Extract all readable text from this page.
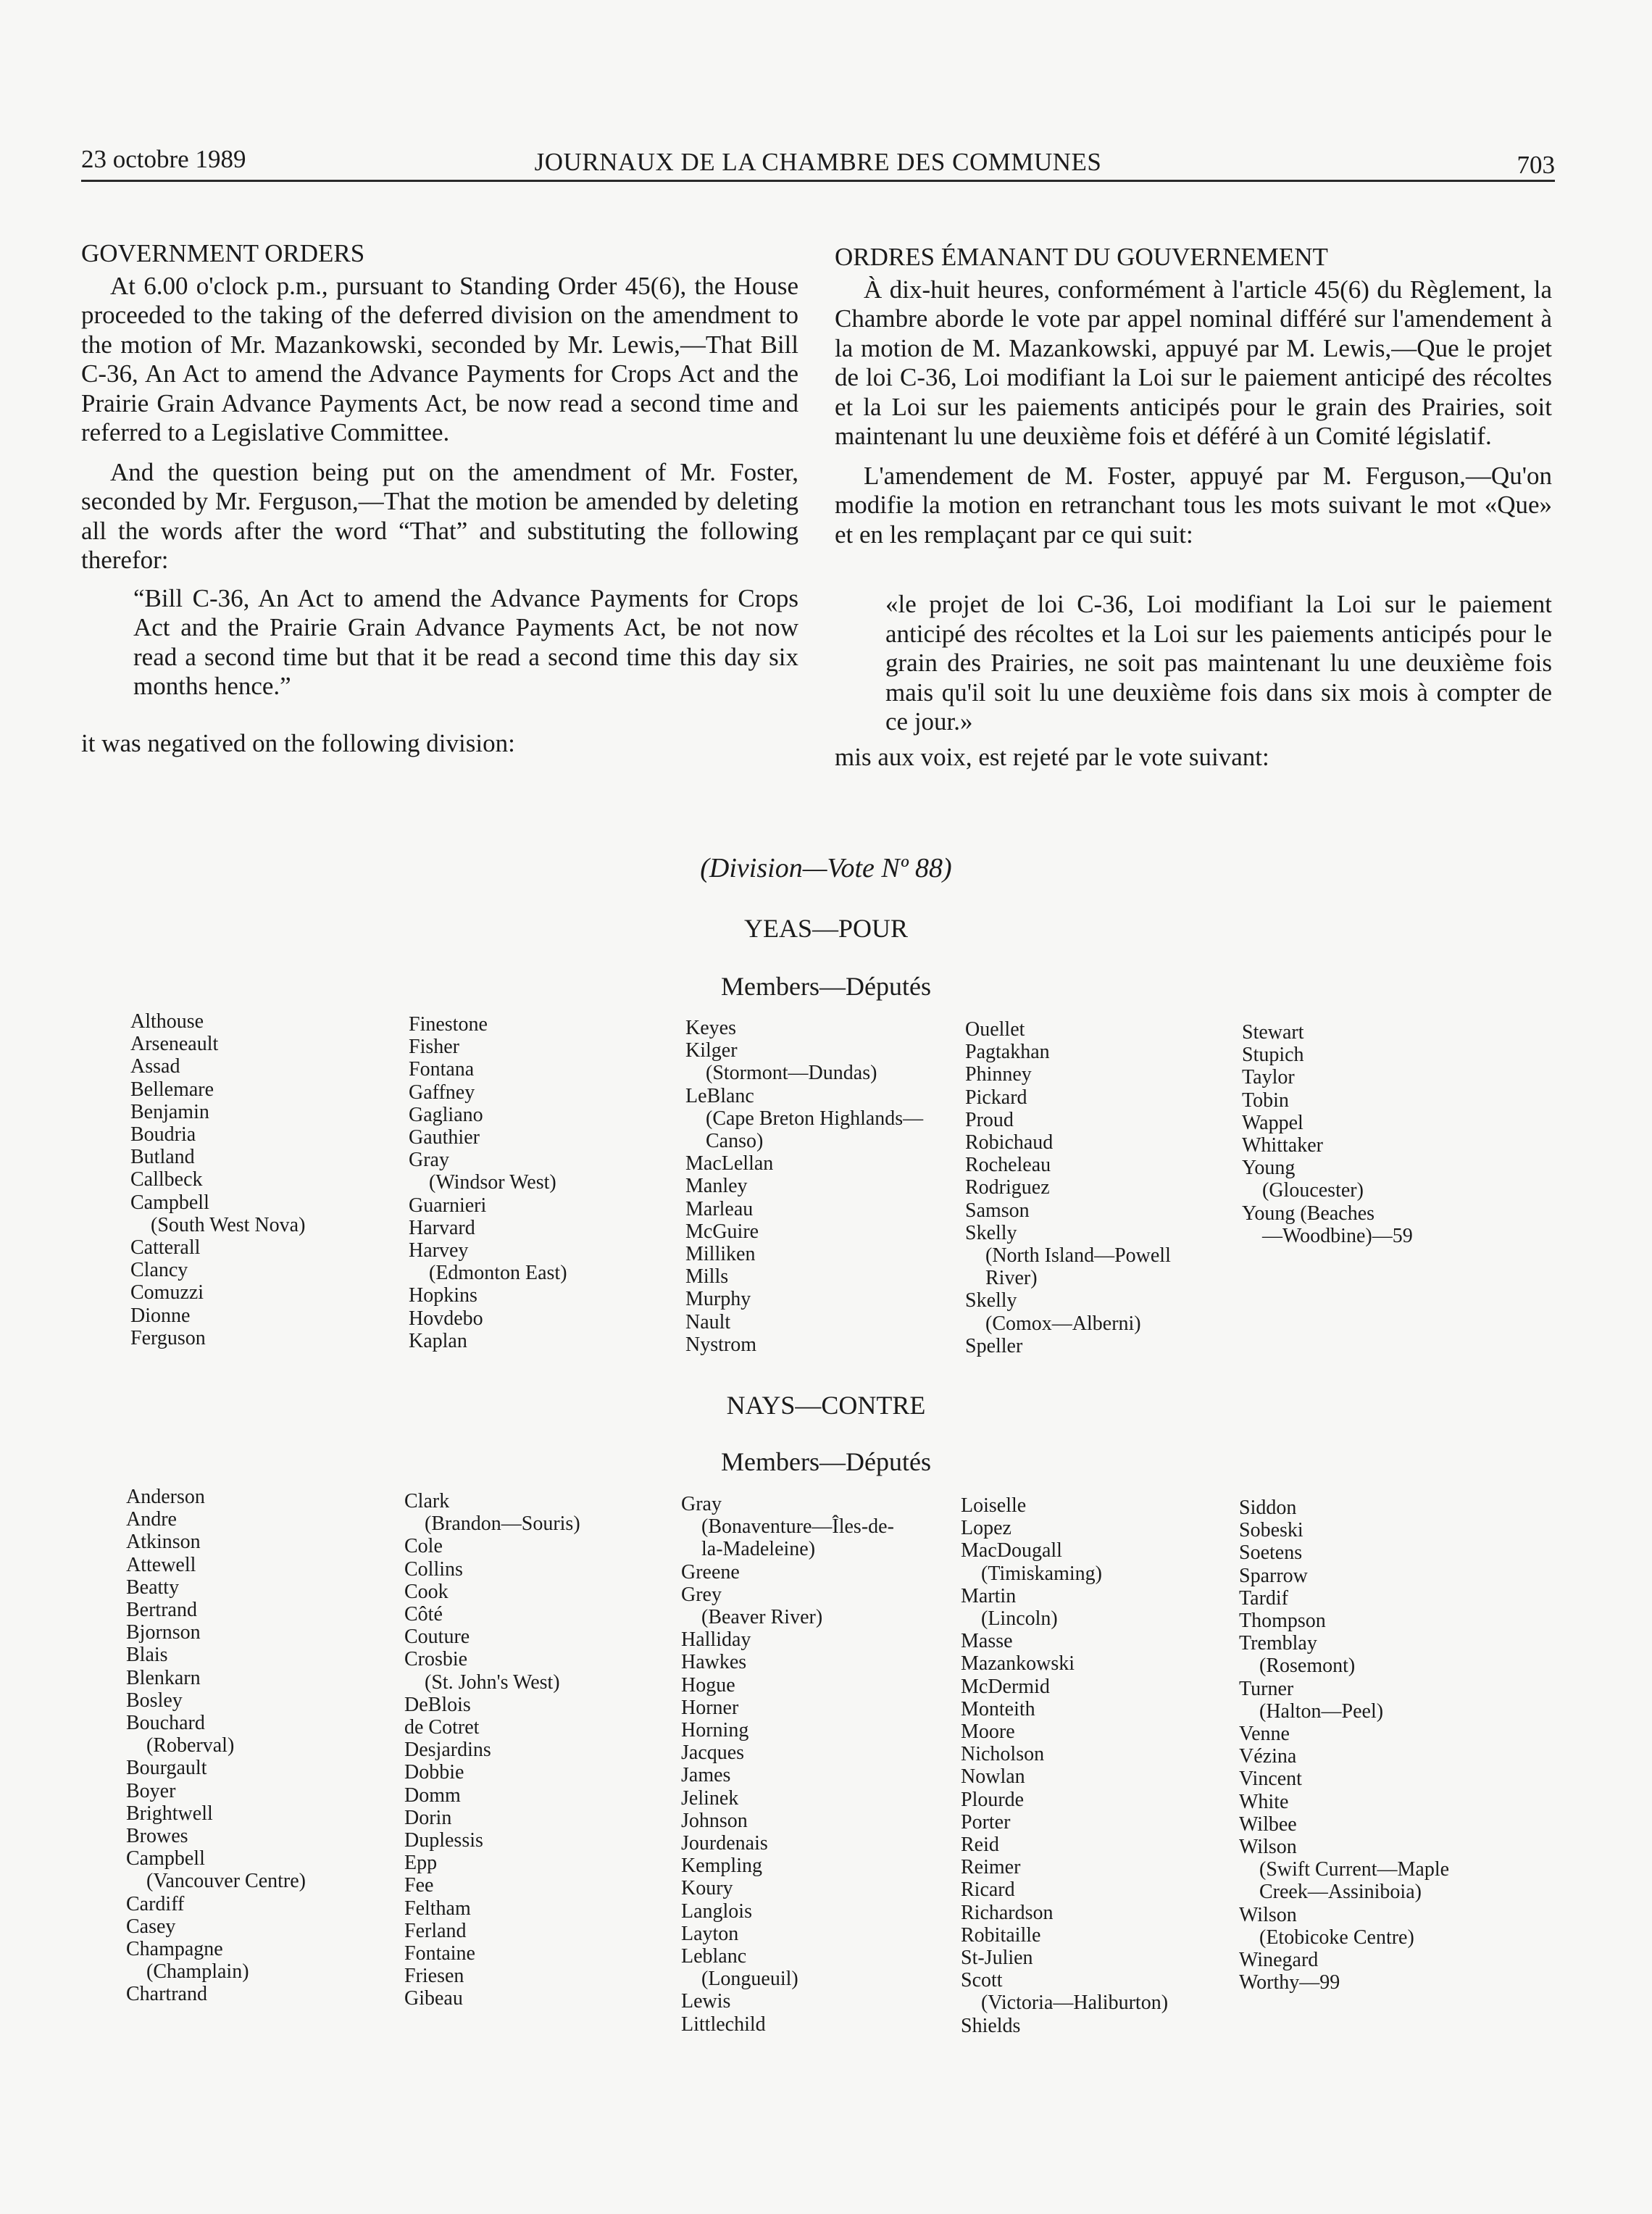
23 octobre 1989	JOURNAUX DE LA CHAMBRE DES COMMUNES	703

GOVERNMENT ORDERS

At 6.00 o'clock p.m., pursuant to Standing Order 45(6), the House proceeded to the taking of the deferred division on the amendment to the motion of Mr. Mazankowski, seconded by Mr. Lewis,—That Bill C-36, An Act to amend the Advance Payments for Crops Act and the Prairie Grain Advance Payments Act, be now read a second time and referred to a Legislative Committee.

And the question being put on the amendment of Mr. Foster, seconded by Mr. Ferguson,—That the motion be amended by deleting all the words after the word “That” and substituting the following therefor:

“Bill C-36, An Act to amend the Advance Payments for Crops Act and the Prairie Grain Advance Payments Act, be not now read a second time but that it be read a second time this day six months hence.”

it was negatived on the following division:

ORDRES ÉMANANT DU GOUVERNEMENT

À dix-huit heures, conformément à l'article 45(6) du Règlement, la Chambre aborde le vote par appel nominal différé sur l'amendement à la motion de M. Mazankowski, appuyé par M. Lewis,—Que le projet de loi C-36, Loi modifiant la Loi sur le paiement anticipé des récoltes et la Loi sur les paiements anticipés pour le grain des Prairies, soit maintenant lu une deuxième fois et déféré à un Comité législatif.

L'amendement de M. Foster, appuyé par M. Ferguson,—Qu'on modifie la motion en retranchant tous les mots suivant le mot «Que» et en les remplaçant par ce qui suit:

«le projet de loi C-36, Loi modifiant la Loi sur le paiement anticipé des récoltes et la Loi sur les paiements anticipés pour le grain des Prairies, ne soit pas maintenant lu une deuxième fois mais qu'il soit lu une deuxième fois dans six mois à compter de ce jour.»

mis aux voix, est rejeté par le vote suivant:

(Division—Vote Nº 88)
YEAS—POUR
Members—Députés
Althouse
Arseneault
Assad
Bellemare
Benjamin
Boudria
Butland
Callbeck
Campbell
(South West Nova)
Catterall
Clancy
Comuzzi
Dionne
Ferguson
Finestone
Fisher
Fontana
Gaffney
Gagliano
Gauthier
Gray
(Windsor West)
Guarnieri
Harvard
Harvey
(Edmonton East)
Hopkins
Hovdebo
Kaplan
Keyes
Kilger
(Stormont—Dundas)
LeBlanc
(Cape Breton Highlands—
Canso)
MacLellan
Manley
Marleau
McGuire
Milliken
Mills
Murphy
Nault
Nystrom
Ouellet
Pagtakhan
Phinney
Pickard
Proud
Robichaud
Rocheleau
Rodriguez
Samson
Skelly
(North Island—Powell
River)
Skelly
(Comox—Alberni)
Speller
Stewart
Stupich
Taylor
Tobin
Wappel
Whittaker
Young
(Gloucester)
Young (Beaches
—Woodbine)—59
NAYS—CONTRE
Members—Députés
Anderson
Andre
Atkinson
Attewell
Beatty
Bertrand
Bjornson
Blais
Blenkarn
Bosley
Bouchard
(Roberval)
Bourgault
Boyer
Brightwell
Browes
Campbell
(Vancouver Centre)
Cardiff
Casey
Champagne
(Champlain)
Chartrand
Clark
(Brandon—Souris)
Cole
Collins
Cook
Côté
Couture
Crosbie
(St. John's West)
DeBlois
de Cotret
Desjardins
Dobbie
Domm
Dorin
Duplessis
Epp
Fee
Feltham
Ferland
Fontaine
Friesen
Gibeau
Gray
(Bonaventure—Îles-de-
la-Madeleine)
Greene
Grey
(Beaver River)
Halliday
Hawkes
Hogue
Horner
Horning
Jacques
James
Jelinek
Johnson
Jourdenais
Kempling
Koury
Langlois
Layton
Leblanc
(Longueuil)
Lewis
Littlechild
Loiselle
Lopez
MacDougall
(Timiskaming)
Martin
(Lincoln)
Masse
Mazankowski
McDermid
Monteith
Moore
Nicholson
Nowlan
Plourde
Porter
Reid
Reimer
Ricard
Richardson
Robitaille
St-Julien
Scott
(Victoria—Haliburton)
Shields
Siddon
Sobeski
Soetens
Sparrow
Tardif
Thompson
Tremblay
(Rosemont)
Turner
(Halton—Peel)
Venne
Vézina
Vincent
White
Wilbee
Wilson
(Swift Current—Maple
Creek—Assiniboia)
Wilson
(Etobicoke Centre)
Winegard
Worthy—99
